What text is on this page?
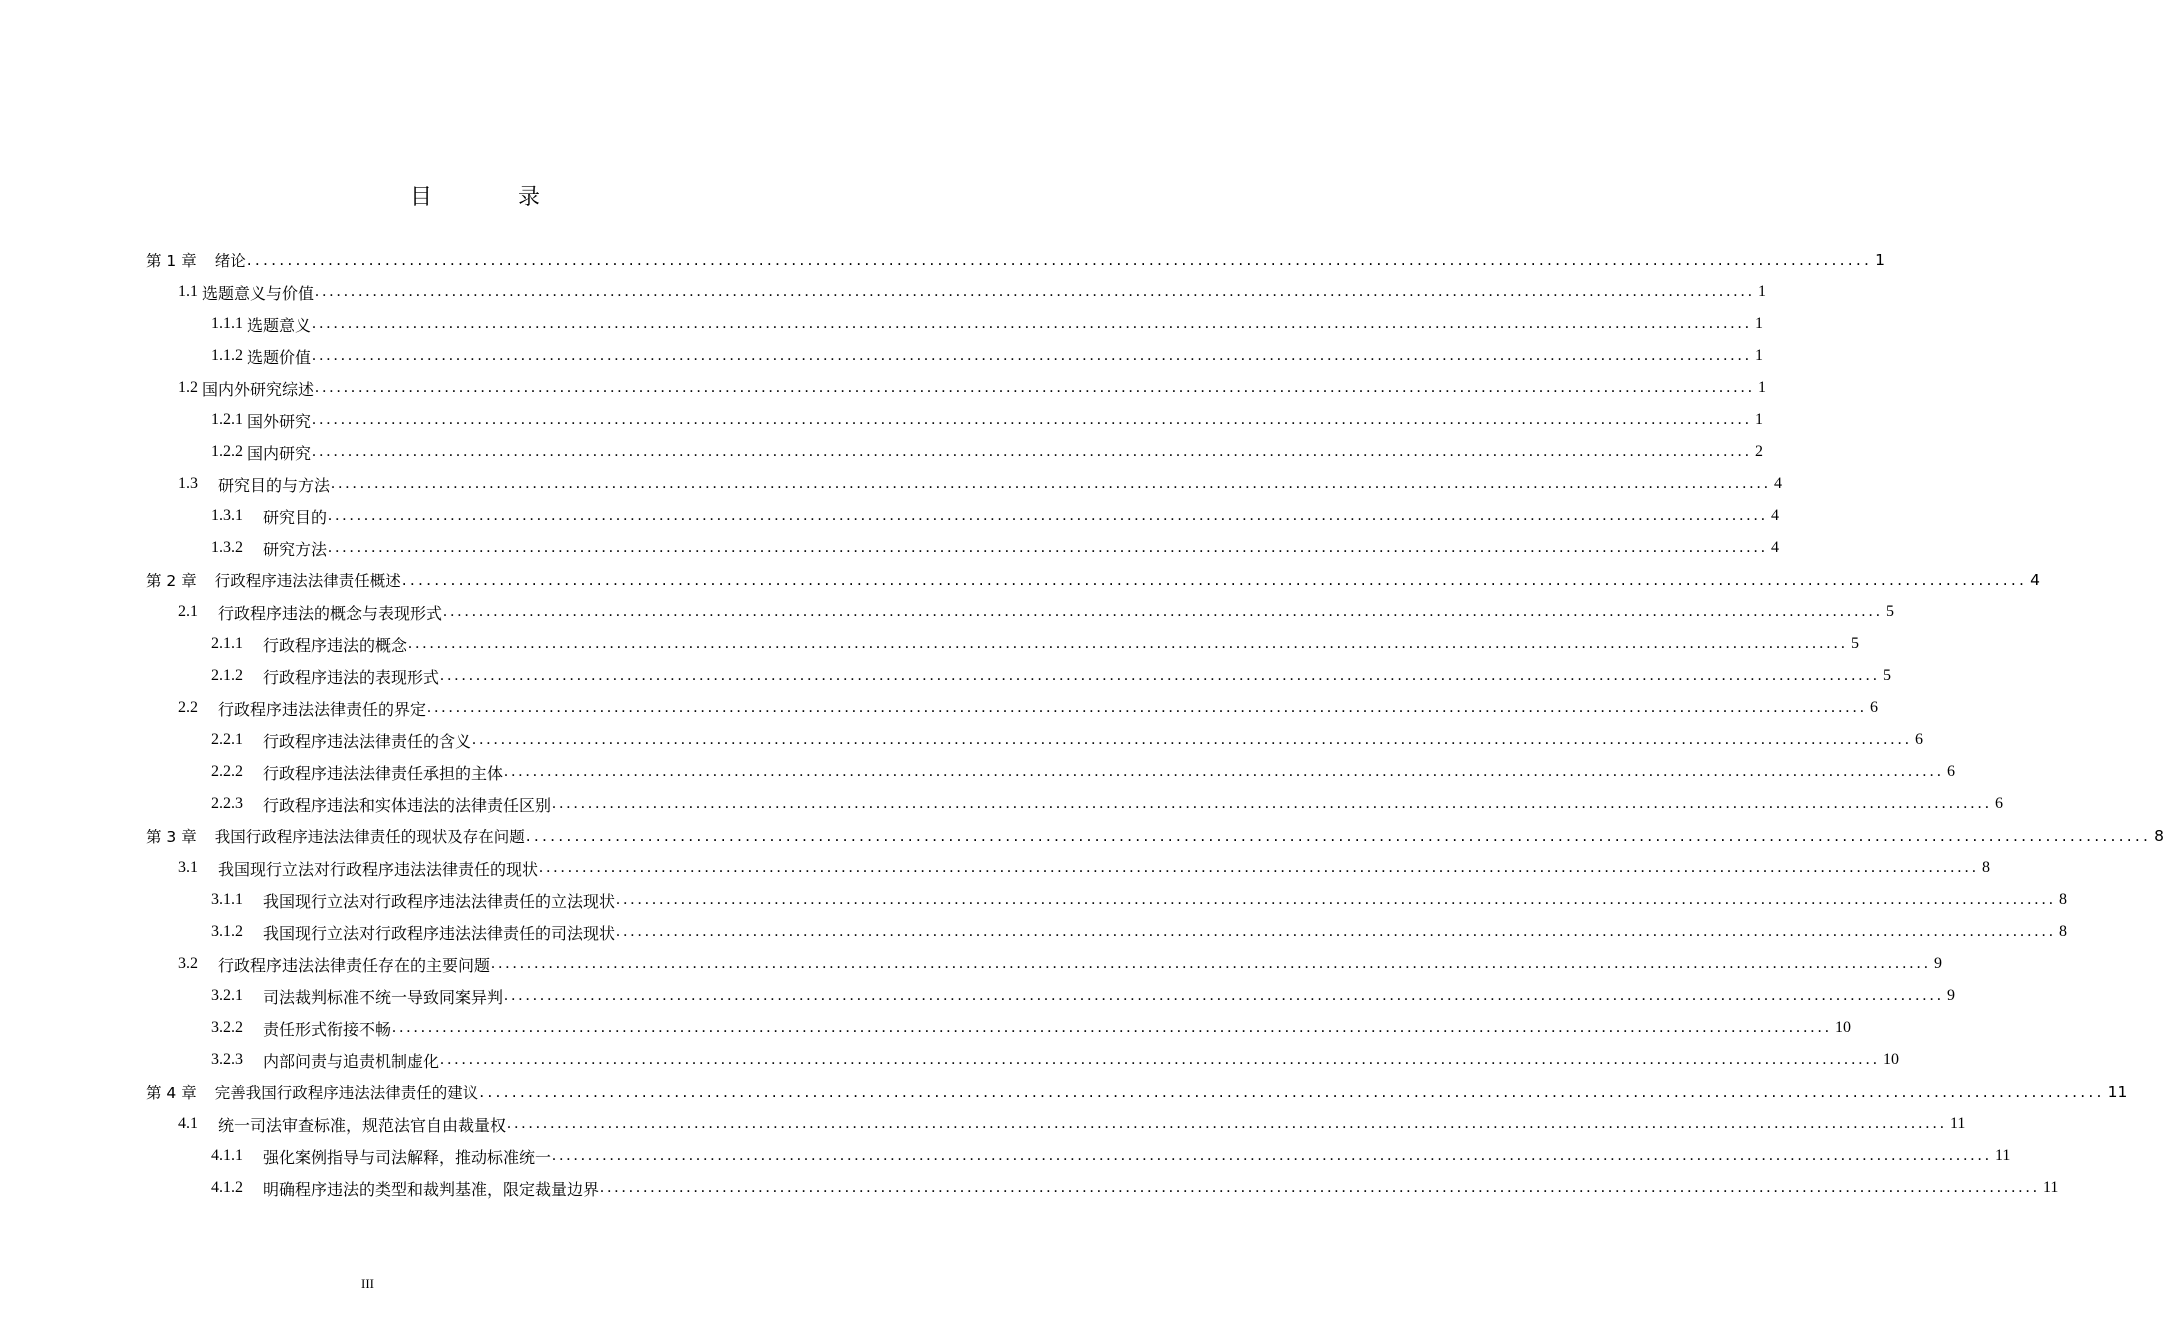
目　录
第 1 章 绪论 ........................................................................................................................................................................................................ 1
1.1 选题意义与价值 ........................................................................................................................................................................................................ 1
1.1.1 选题意义 ........................................................................................................................................................................................................ 1
1.1.2 选题价值 ........................................................................................................................................................................................................ 1
1.2 国内外研究综述 ........................................................................................................................................................................................................ 1
1.2.1 国外研究 ........................................................................................................................................................................................................ 1
1.2.2 国内研究 ........................................................................................................................................................................................................ 2
1.3 研究目的与方法 ........................................................................................................................................................................................................ 4
1.3.1 研究目的 ........................................................................................................................................................................................................ 4
1.3.2 研究方法 ........................................................................................................................................................................................................ 4
第 2 章 行政程序违法法律责任概述 ........................................................................................................................................................................................................ 4
2.1 行政程序违法的概念与表现形式 ........................................................................................................................................................................................................ 5
2.1.1 行政程序违法的概念 ........................................................................................................................................................................................................ 5
2.1.2 行政程序违法的表现形式 ........................................................................................................................................................................................................ 5
2.2 行政程序违法法律责任的界定 ........................................................................................................................................................................................................ 6
2.2.1 行政程序违法法律责任的含义 ........................................................................................................................................................................................................ 6
2.2.2 行政程序违法法律责任承担的主体 ........................................................................................................................................................................................................ 6
2.2.3 行政程序违法和实体违法的法律责任区别 ........................................................................................................................................................................................................ 6
第 3 章 我国行政程序违法法律责任的现状及存在问题 ........................................................................................................................................................................................................ 8
3.1 我国现行立法对行政程序违法法律责任的现状 ........................................................................................................................................................................................................ 8
3.1.1 我国现行立法对行政程序违法法律责任的立法现状 ........................................................................................................................................................................................................ 8
3.1.2 我国现行立法对行政程序违法法律责任的司法现状 ........................................................................................................................................................................................................ 8
3.2 行政程序违法法律责任存在的主要问题 ........................................................................................................................................................................................................ 9
3.2.1 司法裁判标准不统一导致同案异判 ........................................................................................................................................................................................................ 9
3.2.2 责任形式衔接不畅 ........................................................................................................................................................................................................ 10
3.2.3 内部问责与追责机制虚化 ........................................................................................................................................................................................................ 10
第 4 章 完善我国行政程序违法法律责任的建议 ........................................................................................................................................................................................................ 11
4.1 统一司法审查标准，规范法官自由裁量权 ........................................................................................................................................................................................................ 11
4.1.1 强化案例指导与司法解释，推动标准统一 ........................................................................................................................................................................................................ 11
4.1.2 明确程序违法的类型和裁判基准，限定裁量边界 ........................................................................................................................................................................................................ 11
III
